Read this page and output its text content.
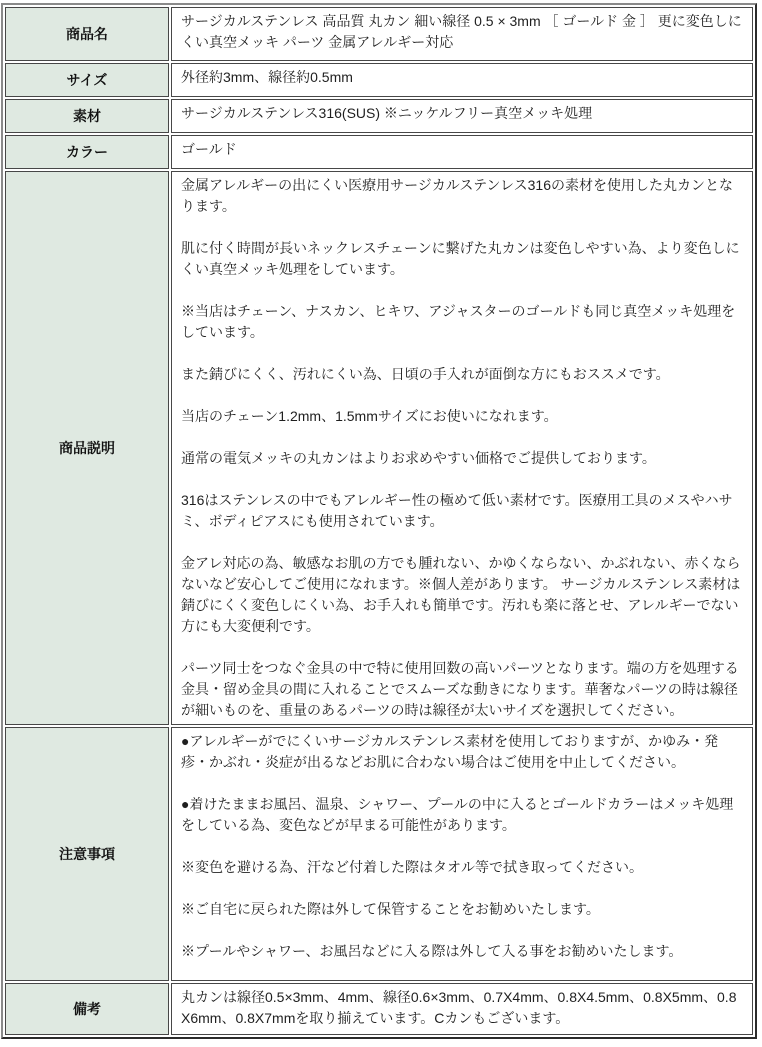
商品名	サージカルステンレス 高品質 丸カン 細い線径 0.5 × 3mm ［ ゴールド 金 ］ 更に変色しにくい真空メッキ パーツ 金属アレルギー対応

サイズ	外径約3mm、線径約0.5mm

素材	サージカルステンレス316(SUS) ※ニッケルフリー真空メッキ処理

カラー	ゴールド

商品説明	
金属アレルギーの出にくい医療用サージカルステンレス316の素材を使用した丸カンとなります。
肌に付く時間が長いネックレスチェーンに繋げた丸カンは変色しやすい為、より変色しにくい真空メッキ処理をしています。
※当店はチェーン、ナスカン、ヒキワ、アジャスターのゴールドも同じ真空メッキ処理をしています。
また錆びにくく、汚れにくい為、日頃の手入れが面倒な方にもおススメです。
当店のチェーン1.2mm、1.5mmサイズにお使いになれます。
通常の電気メッキの丸カンはよりお求めやすい価格でご提供しております。
316はステンレスの中でもアレルギー性の極めて低い素材です。医療用工具のメスやハサミ、ボディピアスにも使用されています。
金アレ対応の為、敏感なお肌の方でも腫れない、かゆくならない、かぶれない、赤くならないなど安心してご使用になれます。※個人差があります。 サージカルステンレス素材は錆びにくく変色しにくい為、お手入れも簡単です。汚れも楽に落とせ、アレルギーでない方にも大変便利です。
パーツ同士をつなぐ金具の中で特に使用回数の高いパーツとなります。端の方を処理する金具・留め金具の間に入れることでスムーズな動きになります。華奢なパーツの時は線径が細いものを、重量のあるパーツの時は線径が太いサイズを選択してください。

注意事項	●アレルギーがでにくいサージカルステンレス素材を使用しておりますが、かゆみ・発疹・かぶれ・炎症が出るなどお肌に合わない場合はご使用を中止してください。
●着けたままお風呂、温泉、シャワー、プールの中に入るとゴールドカラーはメッキ処理をしている為、変色などが早まる可能性があります。
※変色を避ける為、汗など付着した際はタオル等で拭き取ってください。
※ご自宅に戻られた際は外して保管することをお勧めいたします。
※プールやシャワー、お風呂などに入る際は外して入る事をお勧めいたします。

備考	丸カンは線径0.5×3mm、4mm、線径0.6×3mm、0.7X4mm、0.8X4.5mm、0.8X5mm、0.8X6mm、0.8X7mmを取り揃えています。Cカンもございます。
